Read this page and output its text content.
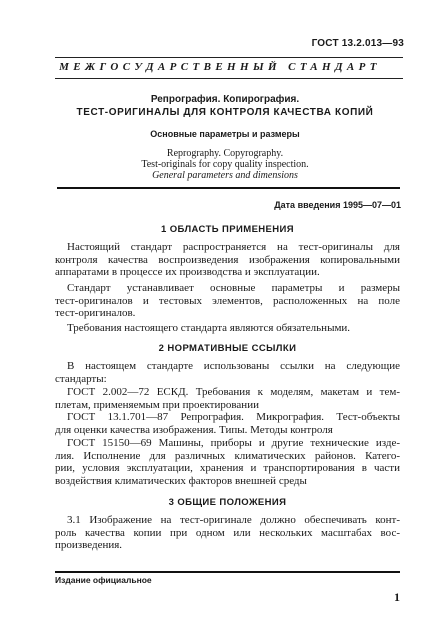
ГОСТ 13.2.013—93
МЕЖГОСУДАРСТВЕННЫЙ СТАНДАРТ
Репрография. Копирография.
ТЕСТ-ОРИГИНАЛЫ ДЛЯ КОНТРОЛЯ КАЧЕСТВА КОПИЙ
Основные параметры и размеры
Reprography. Copyrography.
Test-originals for copy quality inspection.
General parameters and dimensions
Дата введения 1995—07—01
1 ОБЛАСТЬ ПРИМЕНЕНИЯ
Настоящий стандарт распространяется на тест-оригиналы для
контроля качества воспроизведения изображения копировальными
аппаратами в процессе их производства и эксплуатации.
Стандарт устанавливает основные параметры и размеры
тест-оригиналов и тестовых элементов, расположенных на поле
тест-оригиналов.
Требования настоящего стандарта являются обязательными.
2 НОРМАТИВНЫЕ ССЫЛКИ
В настоящем стандарте использованы ссылки на следующие
стандарты:
ГОСТ 2.002—72 ЕСКД. Требования к моделям, макетам и тем-
плетам, применяемым при проектировании
ГОСТ 13.1.701—87 Репрография. Микрография. Тест-объекты
для оценки качества изображения. Типы. Методы контроля
ГОСТ 15150—69 Машины, приборы и другие технические изде-
лия. Исполнение для различных климатических районов. Катего-
рии, условия эксплуатации, хранения и транспортирования в части
воздействия климатических факторов внешней среды
3 ОБЩИЕ ПОЛОЖЕНИЯ
3.1 Изображение на тест-оригинале должно обеспечивать конт-
роль качества копии при одном или нескольких масштабах вос-
произведения.
Издание официальное
1
